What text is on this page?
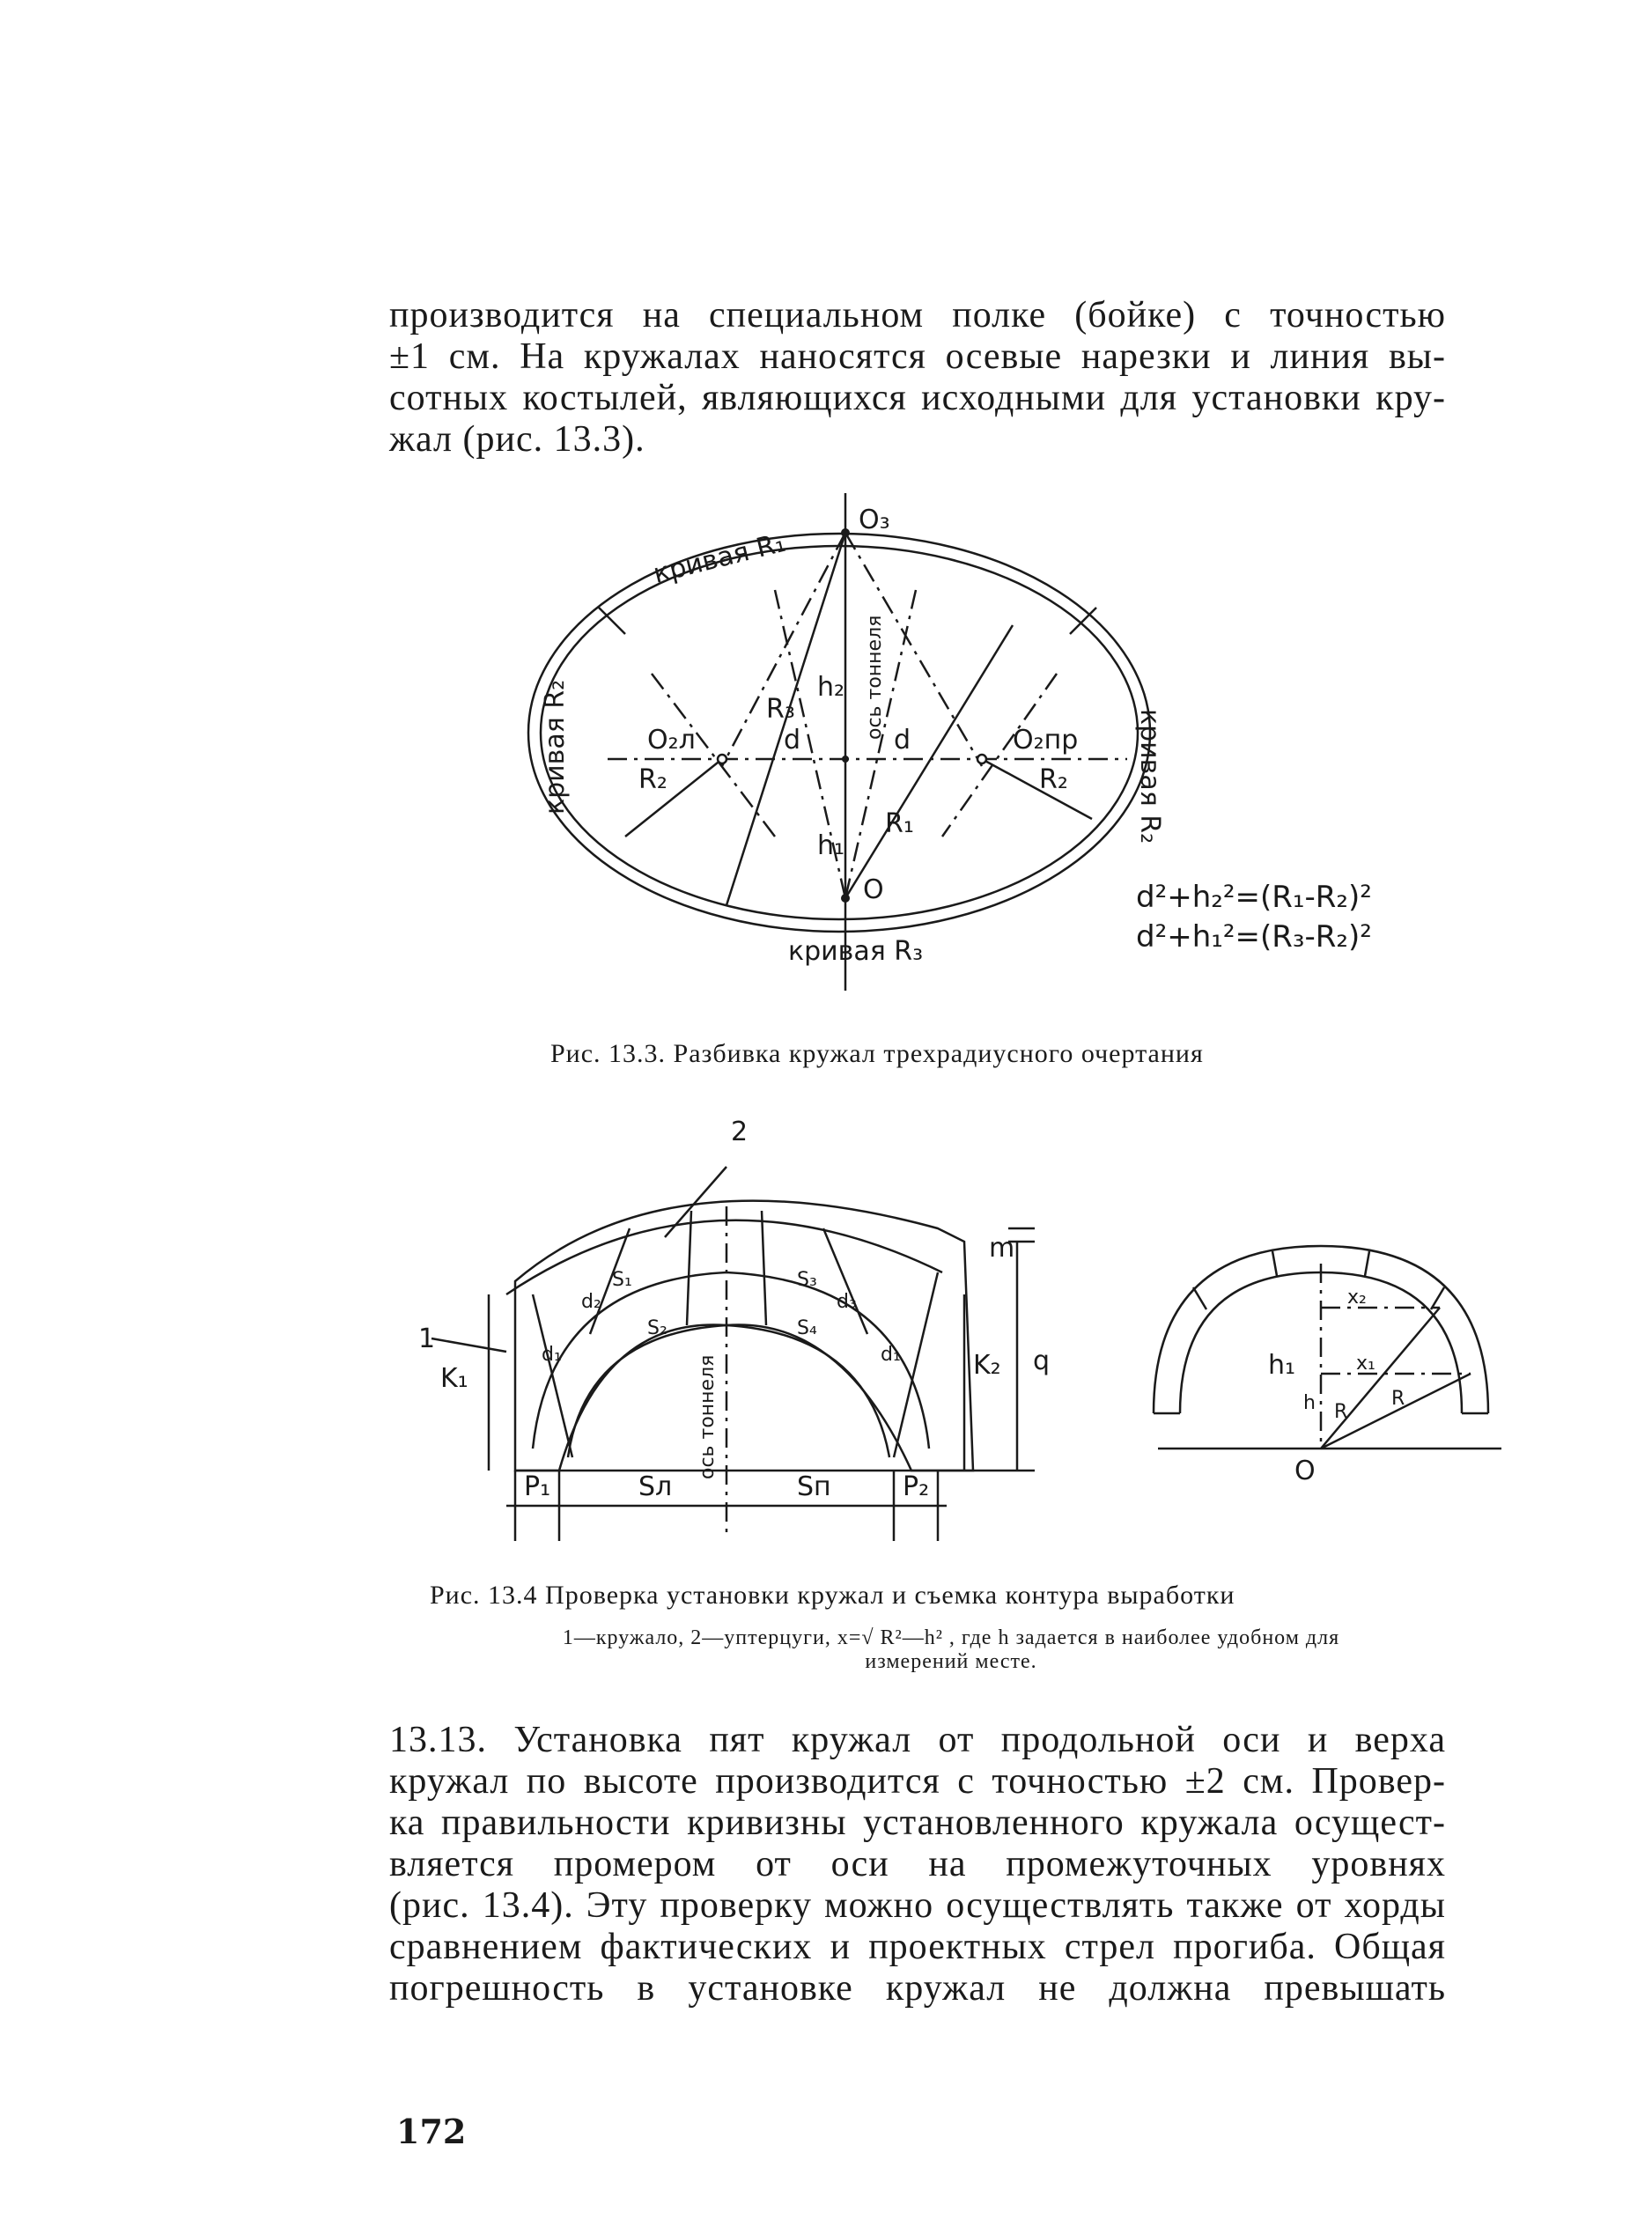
производится на специальном полке (бойке) с точностью
±1 см. На кружалах наносятся осевые нарезки и линия вы-
сотных костылей, являющихся исходными для установки кру-
жал (рис. 13.3).
O₃
O₂л	O₂пр
O
d	d
R₁
R₂	R₂
R₃
h₁
h₂ ось тоннеля
кривая R₁
кривая R₂	кривая R₂
кривая R₃
d²+h₂²=(R₁-R₂)²
d²+h₁²=(R₃-R₂)²
Рис. 13.3. Разбивка кружал трехрадиусного очертания
1
2
K₁	K₂
m
q
d₁
d₂
d₁
d₃
S₁
S₂
S₃
S₄
P₁	P₂
Sл	Sп
ось тоннеля
x₂
x₁
h₁
h R
R
O
Рис. 13.4 Проверка установки кружал и съемка контура выработки
1—кружало, 2—уптерцуги, x=√ R²—h² , где h задается в наиболее удобном для
измерений месте.
13.13. Установка пят кружал от продольной оси и верха
кружал по высоте производится с точностью ±2 см. Провер-
ка правильности кривизны установленного кружала осущест-
вляется промером от оси на промежуточных уровнях
(рис. 13.4). Эту проверку можно осуществлять также от хорды
сравнением фактических и проектных стрел прогиба. Общая
погрешность в установке кружал не должна превышать
172
